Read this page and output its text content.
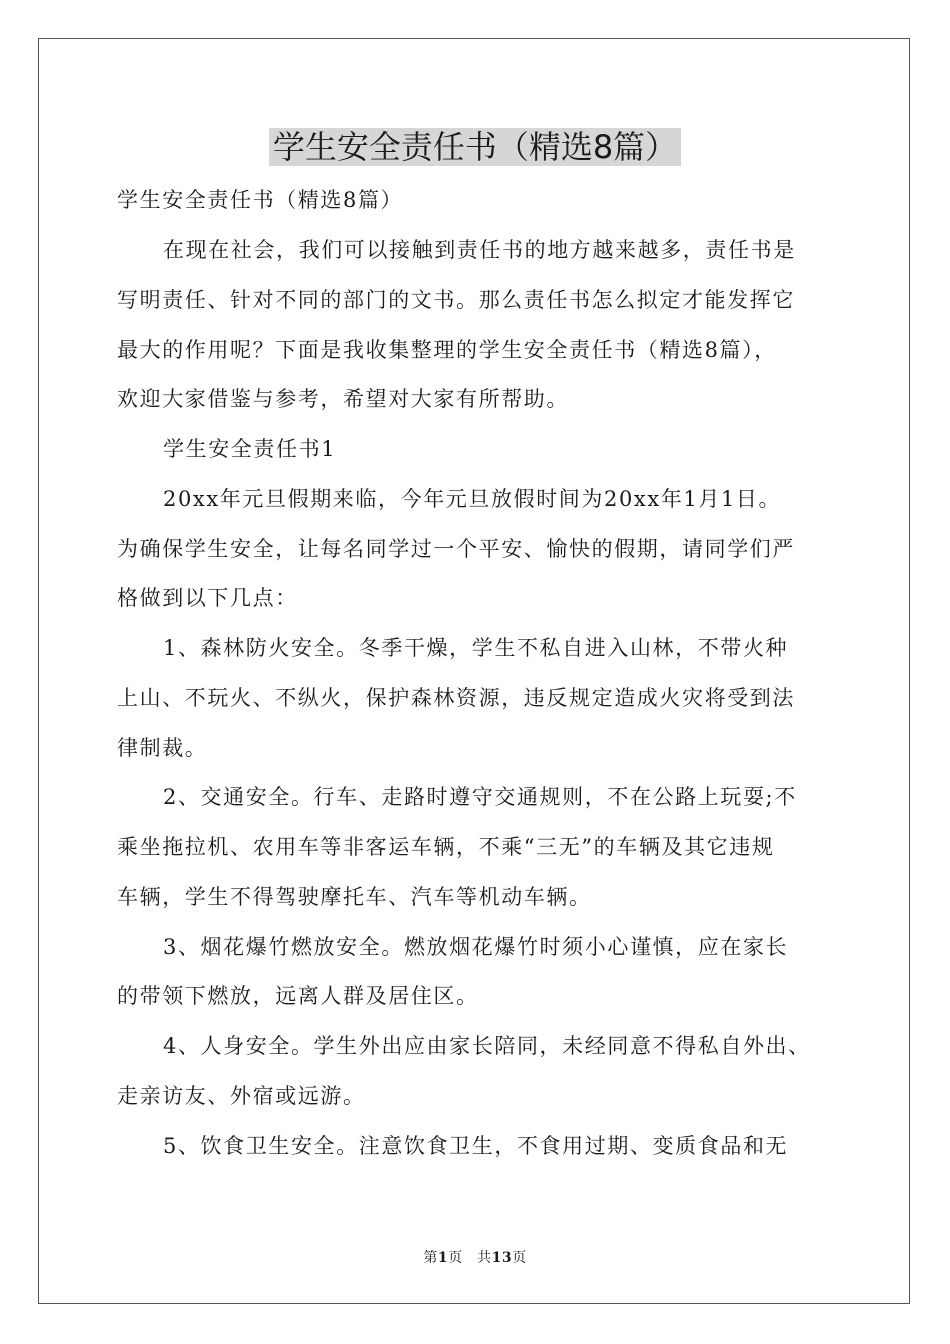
学生安全责任书（精选8篇）
学生安全责任书（精选8篇）
在现在社会，我们可以接触到责任书的地方越来越多，责任书是
写明责任、针对不同的部门的文书。那么责任书怎么拟定才能发挥它
最大的作用呢？下面是我收集整理的学生安全责任书（精选8篇），
欢迎大家借鉴与参考，希望对大家有所帮助。
学生安全责任书1
20xx年元旦假期来临，今年元旦放假时间为20xx年1月1日。
为确保学生安全，让每名同学过一个平安、愉快的假期，请同学们严
格做到以下几点：
1、森林防火安全。冬季干燥，学生不私自进入山林，不带火种
上山、不玩火、不纵火，保护森林资源，违反规定造成火灾将受到法
律制裁。
2、交通安全。行车、走路时遵守交通规则，不在公路上玩耍;不
乘坐拖拉机、农用车等非客运车辆，不乘“三无”的车辆及其它违规
车辆，学生不得驾驶摩托车、汽车等机动车辆。
3、烟花爆竹燃放安全。燃放烟花爆竹时须小心谨慎，应在家长
的带领下燃放，远离人群及居住区。
4、人身安全。学生外出应由家长陪同，未经同意不得私自外出、
走亲访友、外宿或远游。
5、饮食卫生安全。注意饮食卫生，不食用过期、变质食品和无
第1页　共13页
